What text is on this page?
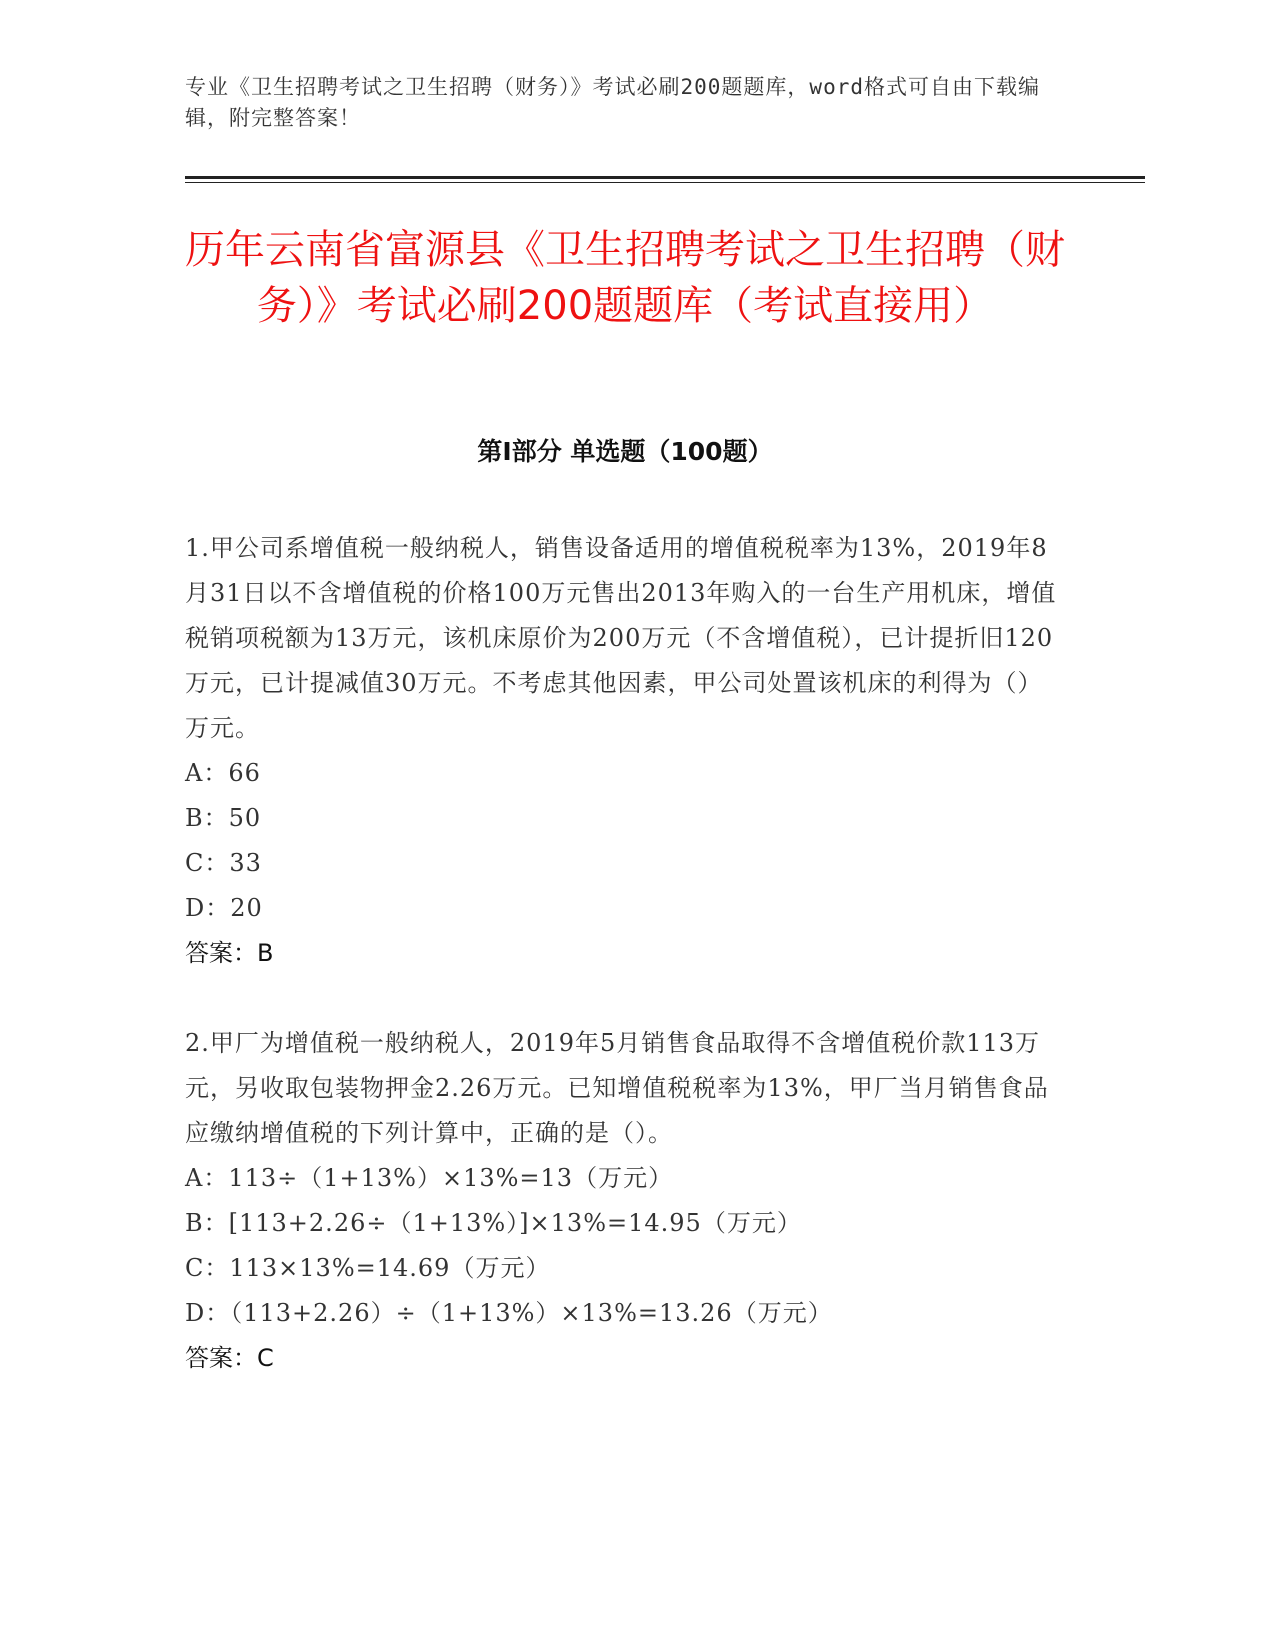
专业《卫生招聘考试之卫生招聘（财务）》考试必刷200题题库，word格式可自由下载编辑，附完整答案！
历年云南省富源县《卫生招聘考试之卫生招聘（财务）》考试必刷200题题库（考试直接用）
第Ⅰ部分 单选题（100题）
1.甲公司系增值税一般纳税人，销售设备适用的增值税税率为13%，2019年8月31日以不含增值税的价格100万元售出2013年购入的一台生产用机床，增值税销项税额为13万元，该机床原价为200万元（不含增值税），已计提折旧120万元，已计提减值30万元。不考虑其他因素，甲公司处置该机床的利得为（）万元。
A：66
B：50
C：33
D：20
答案：B
2.甲厂为增值税一般纳税人，2019年5月销售食品取得不含增值税价款113万元，另收取包装物押金2.26万元。已知增值税税率为13%，甲厂当月销售食品应缴纳增值税的下列计算中，正确的是（）。
A：113÷（1+13%）×13%=13（万元）
B：[113+2.26÷（1+13%）]×13%=14.95（万元）
C：113×13%=14.69（万元）
D：（113+2.26）÷（1+13%）×13%=13.26（万元）
答案：C
